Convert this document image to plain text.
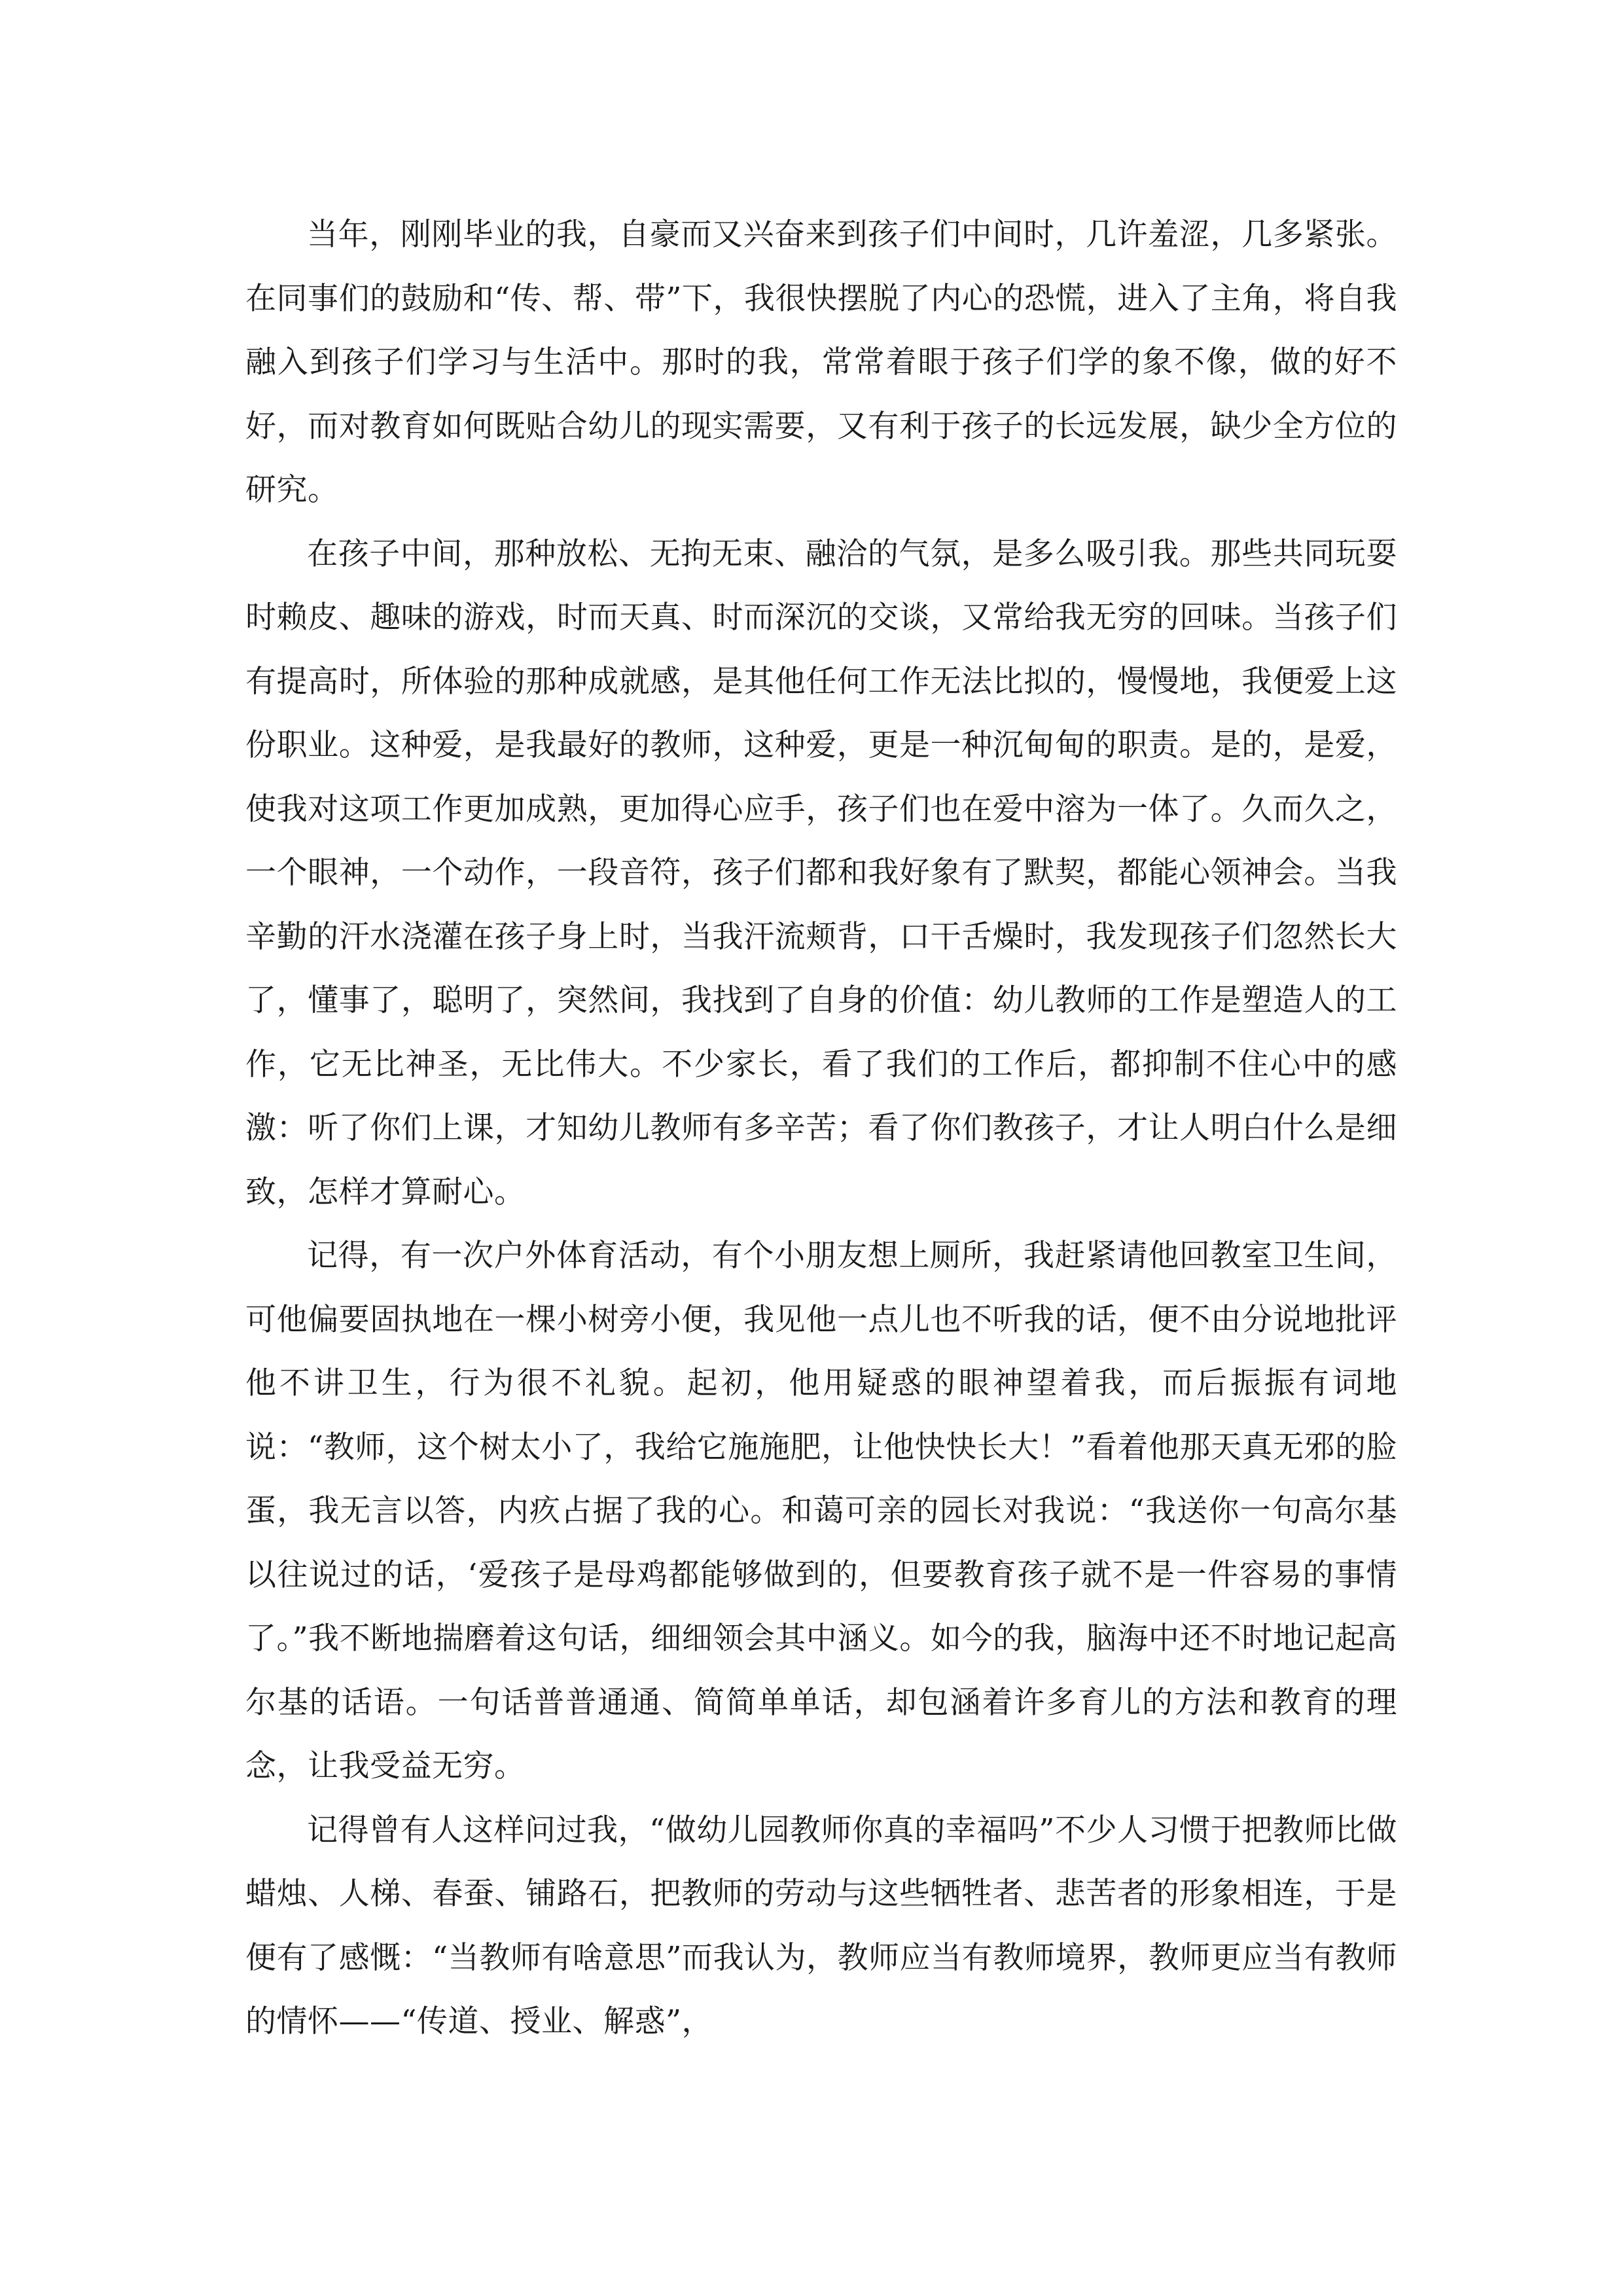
当年，刚刚毕业的我，自豪而又兴奋来到孩子们中间时，几许羞涩，几多紧张。在同事们的鼓励和“传、帮、带”下，我很快摆脱了内心的恐慌，进入了主角，将自我融入到孩子们学习与生活中。那时的我，常常着眼于孩子们学的象不像，做的好不好，而对教育如何既贴合幼儿的现实需要，又有利于孩子的长远发展，缺少全方位的研究。

在孩子中间，那种放松、无拘无束、融洽的气氛，是多么吸引我。那些共同玩耍时赖皮、趣味的游戏，时而天真、时而深沉的交谈，又常给我无穷的回味。当孩子们有提高时，所体验的那种成就感，是其他任何工作无法比拟的，慢慢地，我便爱上这份职业。这种爱，是我最好的教师，这种爱，更是一种沉甸甸的职责。是的，是爱，使我对这项工作更加成熟，更加得心应手，孩子们也在爱中溶为一体了。久而久之，一个眼神，一个动作，一段音符，孩子们都和我好象有了默契，都能心领神会。当我辛勤的汗水浇灌在孩子身上时，当我汗流颊背，口干舌燥时，我发现孩子们忽然长大了，懂事了，聪明了，突然间，我找到了自身的价值：幼儿教师的工作是塑造人的工作，它无比神圣，无比伟大。不少家长，看了我们的工作后，都抑制不住心中的感激：听了你们上课，才知幼儿教师有多辛苦；看了你们教孩子，才让人明白什么是细致，怎样才算耐心。

记得，有一次户外体育活动，有个小朋友想上厕所，我赶紧请他回教室卫生间，可他偏要固执地在一棵小树旁小便，我见他一点儿也不听我的话，便不由分说地批评他不讲卫生，行为很不礼貌。起初，他用疑惑的眼神望着我，而后振振有词地说：“教师，这个树太小了，我给它施施肥，让他快快长大！”看着他那天真无邪的脸蛋，我无言以答，内疚占据了我的心。和蔼可亲的园长对我说：“我送你一句高尔基以往说过的话，‘爱孩子是母鸡都能够做到的，但要教育孩子就不是一件容易的事情了。”我不断地揣磨着这句话，细细领会其中涵义。如今的我，脑海中还不时地记起高尔基的话语。一句话普普通通、简简单单话，却包涵着许多育儿的方法和教育的理念，让我受益无穷。

记得曾有人这样问过我，“做幼儿园教师你真的幸福吗”不少人习惯于把教师比做蜡烛、人梯、春蚕、铺路石，把教师的劳动与这些牺牲者、悲苦者的形象相连，于是便有了感慨：“当教师有啥意思”而我认为，教师应当有教师境界，教师更应当有教师的情怀——“传道、授业、解惑”，
